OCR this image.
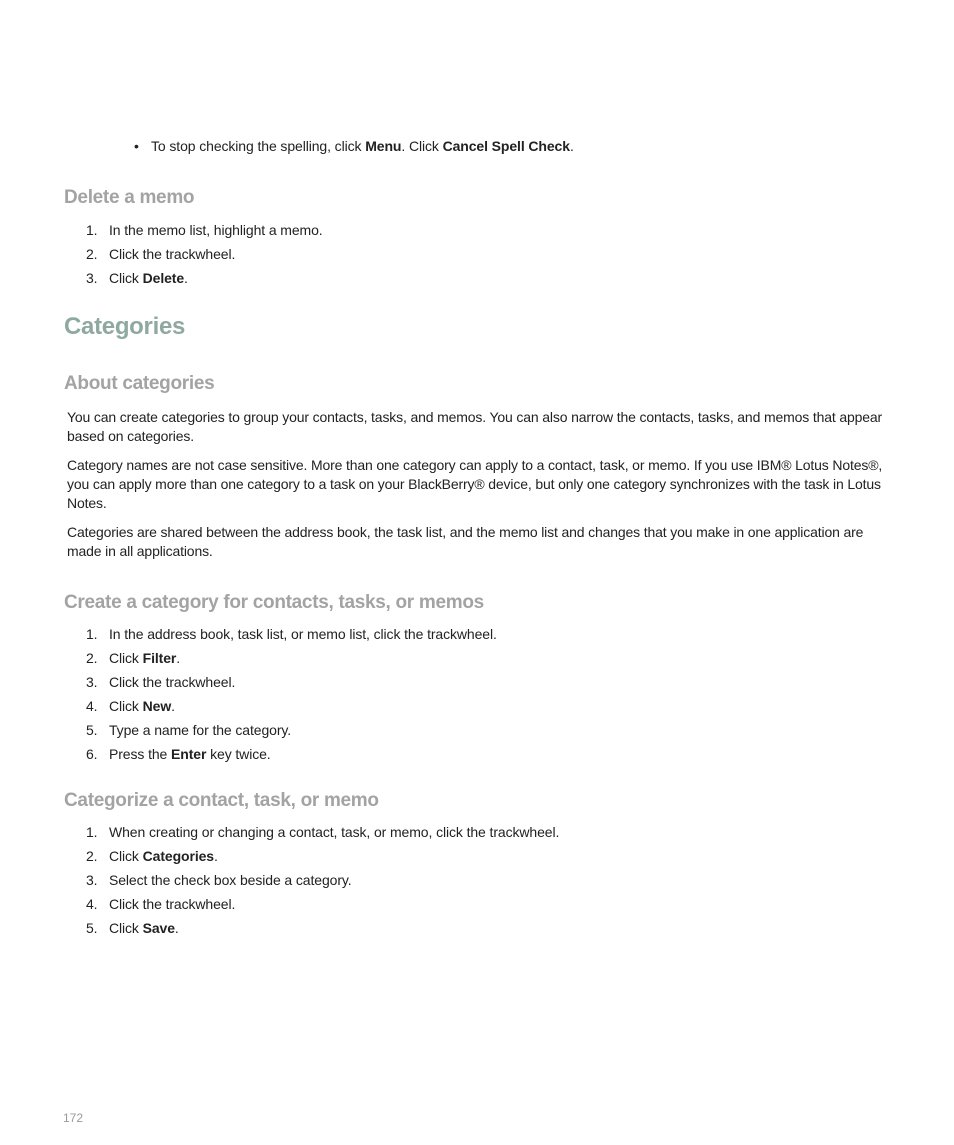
• To stop checking the spelling, click Menu. Click Cancel Spell Check.
Delete a memo
1. In the memo list, highlight a memo.
2. Click the trackwheel.
3. Click Delete.
Categories
About categories

You can create categories to group your contacts, tasks, and memos. You can also narrow the contacts, tasks, and memos that appear based on categories.

Category names are not case sensitive. More than one category can apply to a contact, task, or memo. If you use IBM® Lotus Notes®, you can apply more than one category to a task on your BlackBerry® device, but only one category synchronizes with the task in Lotus Notes.

Categories are shared between the address book, the task list, and the memo list and changes that you make in one application are made in all applications.

Create a category for contacts, tasks, or memos
1. In the address book, task list, or memo list, click the trackwheel.
2. Click Filter.
3. Click the trackwheel.
4. Click New.
5. Type a name for the category.
6. Press the Enter key twice.
Categorize a contact, task, or memo
1. When creating or changing a contact, task, or memo, click the trackwheel.
2. Click Categories.
3. Select the check box beside a category.
4. Click the trackwheel.
5. Click Save.
172
